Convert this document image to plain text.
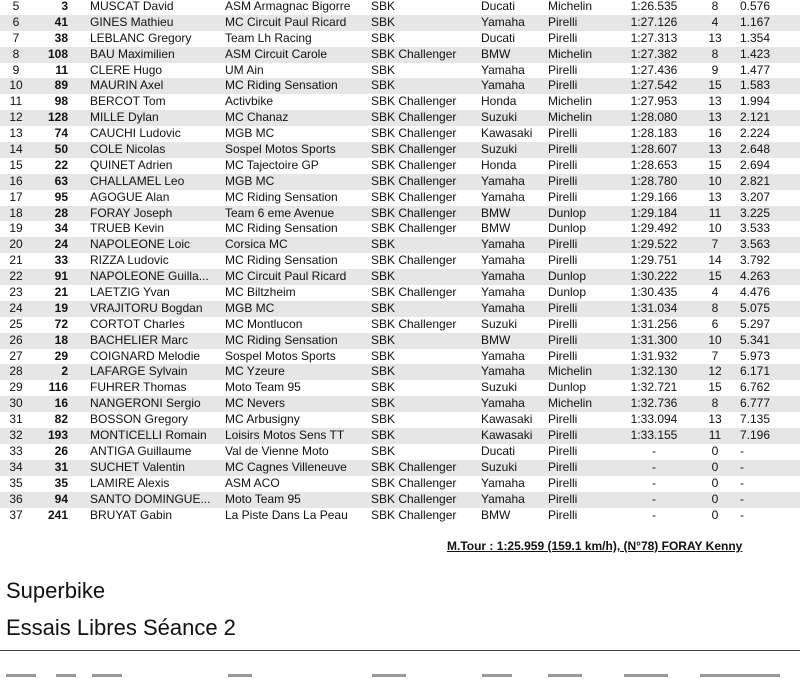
5	3 MUSCAT David	ASM Armagnac Bigorre	SBK	Ducati	Michelin	1:26.535	8	0.576
6	41 GINES Mathieu	MC Circuit Paul Ricard	SBK	Yamaha	Pirelli	1:27.126	4	1.167
7	38 LEBLANC Gregory	Team Lh Racing	SBK	Ducati	Pirelli	1:27.313	13	1.354
8	108 BAU Maximilien	ASM Circuit Carole	SBK Challenger	BMW	Michelin	1:27.382	8	1.423
9	11 CLERE Hugo	UM Ain	SBK	Yamaha	Pirelli	1:27.436	9	1.477
10	89 MAURIN Axel	MC Riding Sensation	SBK	Yamaha	Pirelli	1:27.542	15	1.583
11	98 BERCOT Tom	Activbike	SBK Challenger	Honda	Michelin	1:27.953	13	1.994
12	128 MILLE Dylan	MC Chanaz	SBK Challenger	Suzuki	Michelin	1:28.080	13	2.121
13	74 CAUCHI Ludovic	MGB MC	SBK Challenger	Kawasaki	Pirelli	1:28.183	16	2.224
14	50 COLE Nicolas	Sospel Motos Sports	SBK Challenger	Suzuki	Pirelli	1:28.607	13	2.648
15	22 QUINET Adrien	MC Tajectoire GP	SBK Challenger	Honda	Pirelli	1:28.653	15	2.694
16	63 CHALLAMEL Leo	MGB MC	SBK Challenger	Yamaha	Pirelli	1:28.780	10	2.821
17	95 AGOGUE Alan	MC Riding Sensation	SBK Challenger	Yamaha	Pirelli	1:29.166	13	3.207
18	28 FORAY Joseph	Team 6 eme Avenue	SBK Challenger	BMW	Dunlop	1:29.184	11	3.225
19	34 TRUEB Kevin	MC Riding Sensation	SBK Challenger	BMW	Dunlop	1:29.492	10	3.533
20	24 NAPOLEONE Loic	Corsica MC	SBK	Yamaha	Pirelli	1:29.522	7	3.563
21	33 RIZZA Ludovic	MC Riding Sensation	SBK Challenger	Yamaha	Pirelli	1:29.751	14	3.792
22	91 NAPOLEONE Guilla...	MC Circuit Paul Ricard	SBK	Yamaha	Dunlop	1:30.222	15	4.263
23	21 LAETZIG Yvan	MC Biltzheim	SBK Challenger	Yamaha	Dunlop	1:30.435	4	4.476
24	19 VRAJITORU Bogdan	MGB MC	SBK	Yamaha	Pirelli	1:31.034	8	5.075
25	72 CORTOT Charles	MC Montlucon	SBK Challenger	Suzuki	Pirelli	1:31.256	6	5.297
26	18 BACHELIER Marc	MC Riding Sensation	SBK	BMW	Pirelli	1:31.300	10	5.341
27	29 COIGNARD Melodie	Sospel Motos Sports	SBK	Yamaha	Pirelli	1:31.932	7	5.973
28	2 LAFARGE Sylvain	MC Yzeure	SBK	Yamaha	Michelin	1:32.130	12	6.171
29	116 FUHRER Thomas	Moto Team 95	SBK	Suzuki	Dunlop	1:32.721	15	6.762
30	16 NANGERONI Sergio	MC Nevers	SBK	Yamaha	Michelin	1:32.736	8	6.777
31	82 BOSSON Gregory	MC Arbusigny	SBK	Kawasaki	Pirelli	1:33.094	13	7.135
32	193 MONTICELLI Romain	Loisirs Motos Sens TT	SBK	Kawasaki	Pirelli	1:33.155	11	7.196
33	26 ANTIGA Guillaume	Val de Vienne Moto	SBK	Ducati	Pirelli	-	0	-
34	31 SUCHET Valentin	MC Cagnes Villeneuve	SBK Challenger	Suzuki	Pirelli	-	0	-
35	35 LAMIRE Alexis	ASM ACO	SBK Challenger	Yamaha	Pirelli	-	0	-
36	94 SANTO DOMINGUE...	Moto Team 95	SBK Challenger	Yamaha	Pirelli	-	0	-
37	241 BRUYAT Gabin	La Piste Dans La Peau	SBK Challenger	BMW	Pirelli	-	0	-
M.Tour : 1:25.959 (159.1 km/h), (N°78) FORAY Kenny
Superbike
Essais Libres Séance 2
